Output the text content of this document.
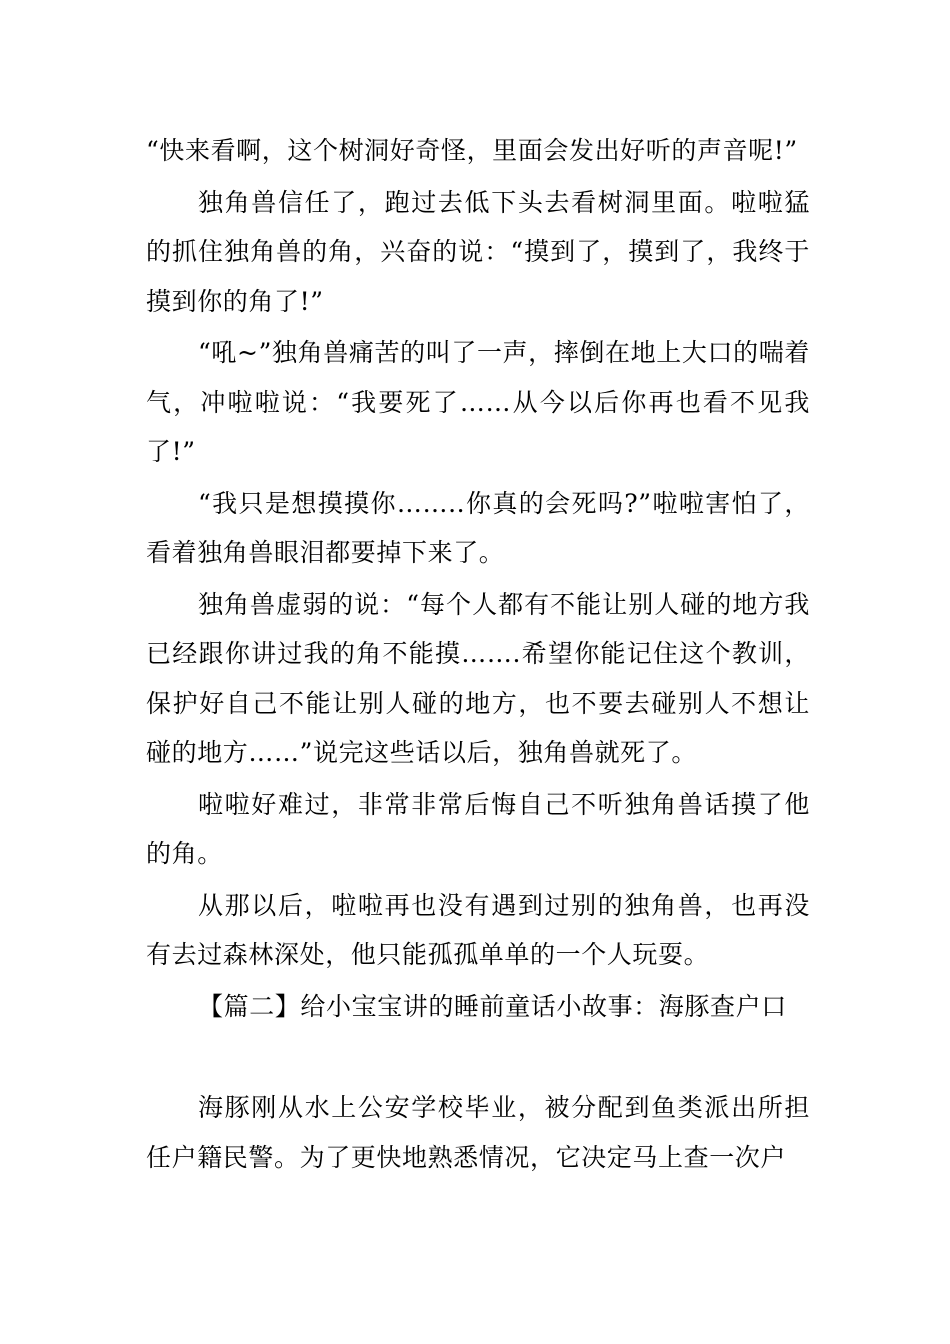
“快来看啊，这个树洞好奇怪，里面会发出好听的声音呢!”

独角兽信任了，跑过去低下头去看树洞里面。啦啦猛的抓住独角兽的角，兴奋的说：“摸到了，摸到了，我终于摸到你的角了!”

“吼~”独角兽痛苦的叫了一声，摔倒在地上大口的喘着气，冲啦啦说：“我要死了……从今以后你再也看不见我了!”

“我只是想摸摸你……..你真的会死吗?”啦啦害怕了，看着独角兽眼泪都要掉下来了。

独角兽虚弱的说：“每个人都有不能让别人碰的地方我已经跟你讲过我的角不能摸…….希望你能记住这个教训，保护好自己不能让别人碰的地方，也不要去碰别人不想让碰的地方……”说完这些话以后，独角兽就死了。

啦啦好难过，非常非常后悔自己不听独角兽话摸了他的角。

从那以后，啦啦再也没有遇到过别的独角兽，也再没有去过森林深处，他只能孤孤单单的一个人玩耍。

【篇二】给小宝宝讲的睡前童话小故事：海豚查户口

海豚刚从水上公安学校毕业，被分配到鱼类派出所担任户籍民警。为了更快地熟悉情况，它决定马上查一次户
